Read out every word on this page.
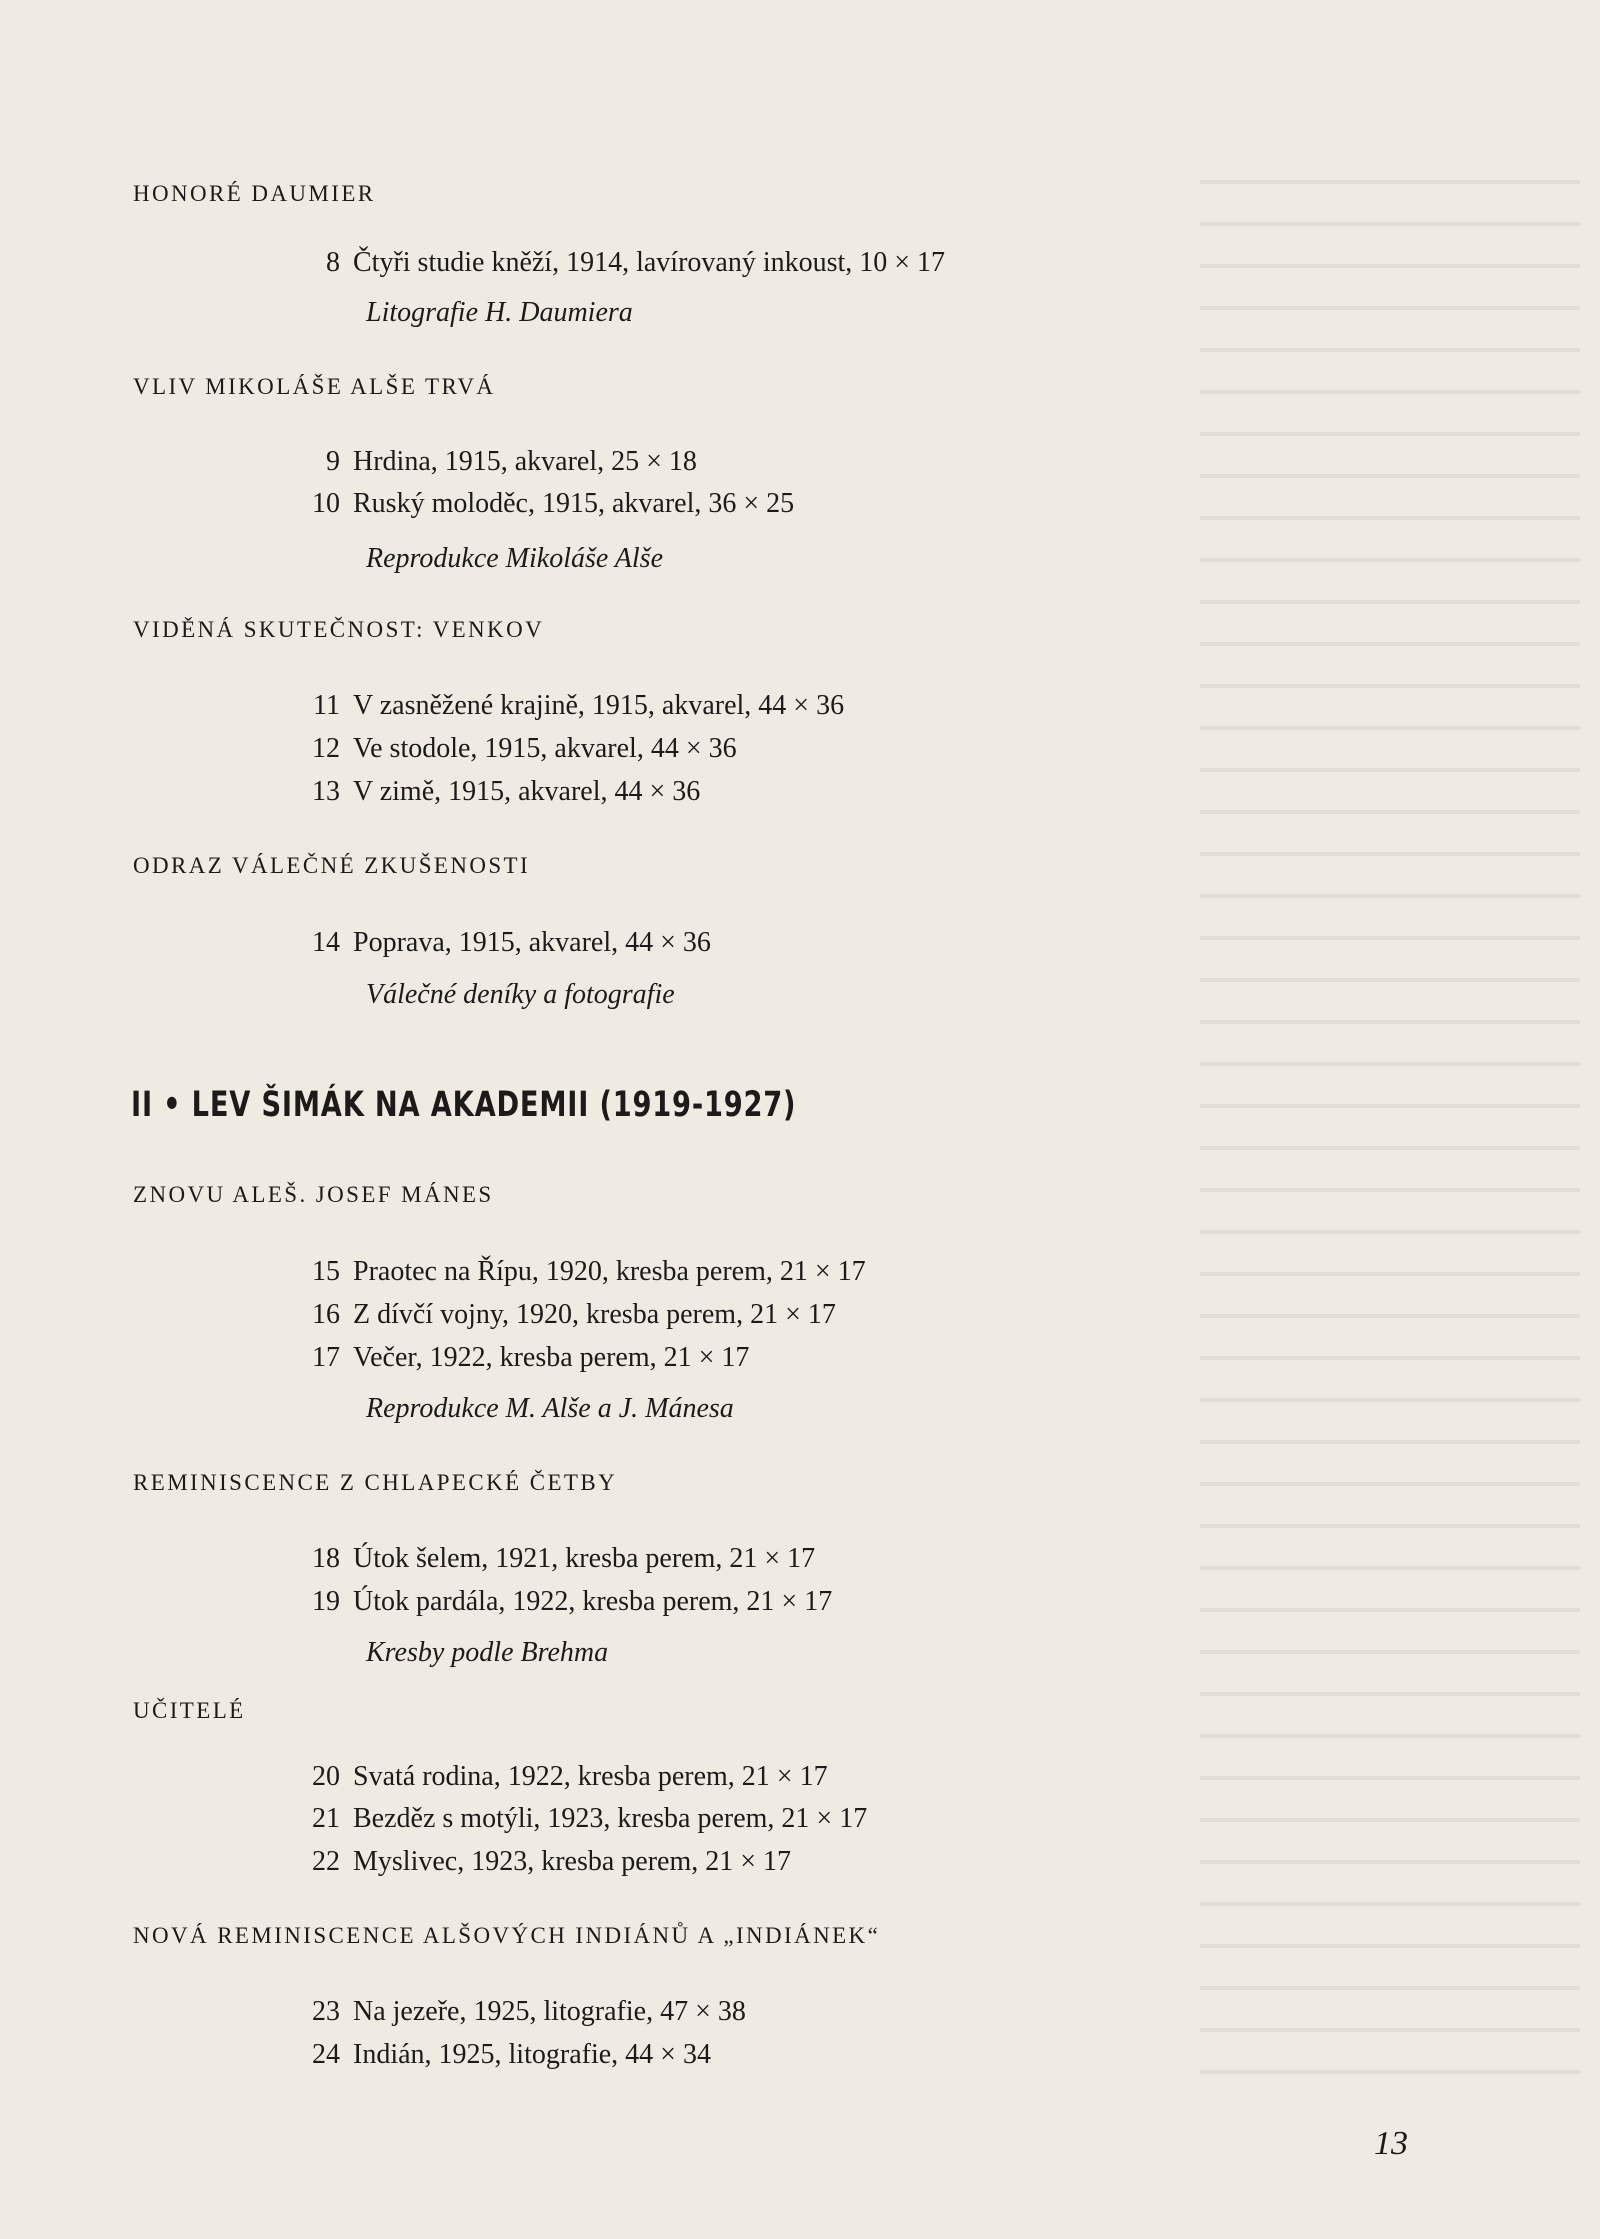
HONORÉ DAUMIER
8 Čtyři studie kněží, 1914, lavírovaný inkoust, 10 × 17
Litografie H. Daumiera
VLIV MIKOLÁŠE ALŠE TRVÁ
9 Hrdina, 1915, akvarel, 25 × 18
10 Ruský moloděc, 1915, akvarel, 36 × 25
Reprodukce Mikoláše Alše
VIDĚNÁ SKUTEČNOST: VENKOV
11 V zasněžené krajině, 1915, akvarel, 44 × 36
12 Ve stodole, 1915, akvarel, 44 × 36
13 V zimě, 1915, akvarel, 44 × 36
ODRAZ VÁLEČNÉ ZKUŠENOSTI
14 Poprava, 1915, akvarel, 44 × 36
Válečné deníky a fotografie
II • LEV ŠIMÁK NA AKADEMII (1919-1927)
ZNOVU ALEŠ. JOSEF MÁNES
15 Praotec na Řípu, 1920, kresba perem, 21 × 17
16 Z dívčí vojny, 1920, kresba perem, 21 × 17
17 Večer, 1922, kresba perem, 21 × 17
Reprodukce M. Alše a J. Mánesa
REMINISCENCE Z CHLAPECKÉ ČETBY
18 Útok šelem, 1921, kresba perem, 21 × 17
19 Útok pardála, 1922, kresba perem, 21 × 17
Kresby podle Brehma
UČITELÉ
20 Svatá rodina, 1922, kresba perem, 21 × 17
21 Bezděz s motýli, 1923, kresba perem, 21 × 17
22 Myslivec, 1923, kresba perem, 21 × 17
NOVÁ REMINISCENCE ALŠOVÝCH INDIÁNŮ A „INDIÁNEK“
23 Na jezeře, 1925, litografie, 47 × 38
24 Indián, 1925, litografie, 44 × 34
13
